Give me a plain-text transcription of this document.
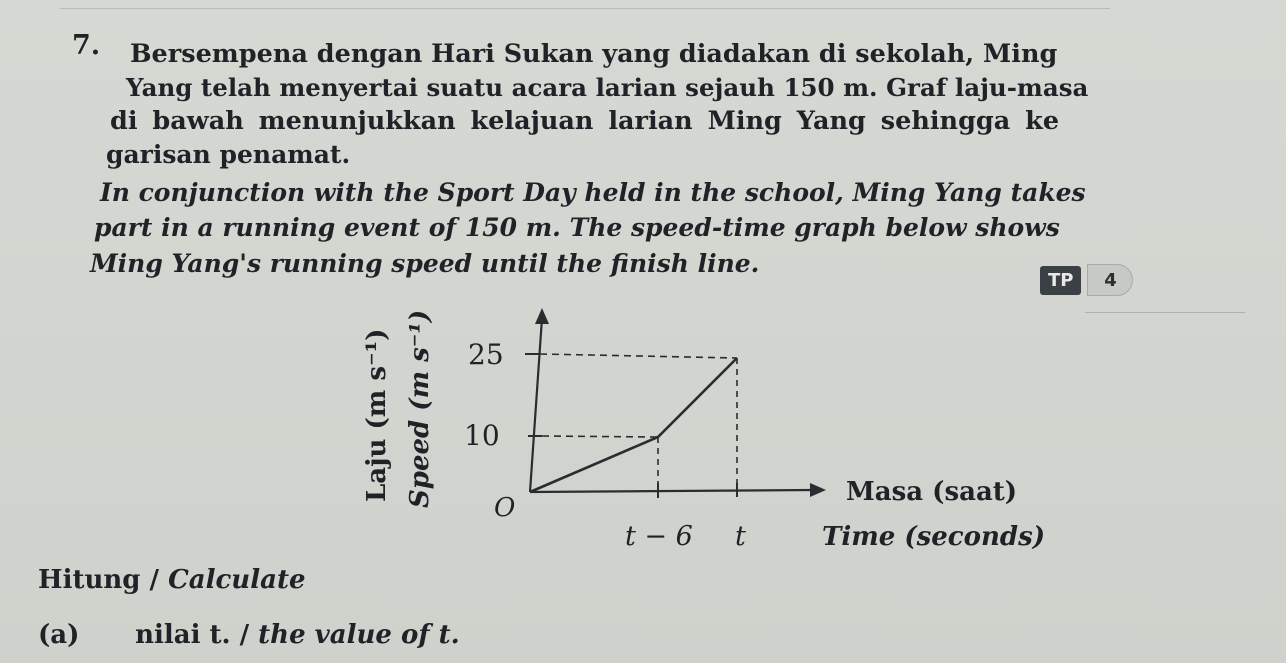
7. Bersempena dengan Hari Sukan yang diadakan di sekolah, Ming
Yang telah menyertai suatu acara larian sejauh 150 m. Graf laju-masa
di bawah menunjukkan kelajuan larian Ming Yang sehingga ke
garisan penamat.
In conjunction with the Sport Day held in the school, Ming Yang takes
part in a running event of 150 m. The speed-time graph below shows
Ming Yang's running speed until the finish line.
TP	4
25
10
O
t − 6 t
Masa (saat)
Time (seconds)
Laju (m s⁻¹) Speed (m s⁻¹)
Hitung / Calculate
(a) nilai t. / the value of t.
